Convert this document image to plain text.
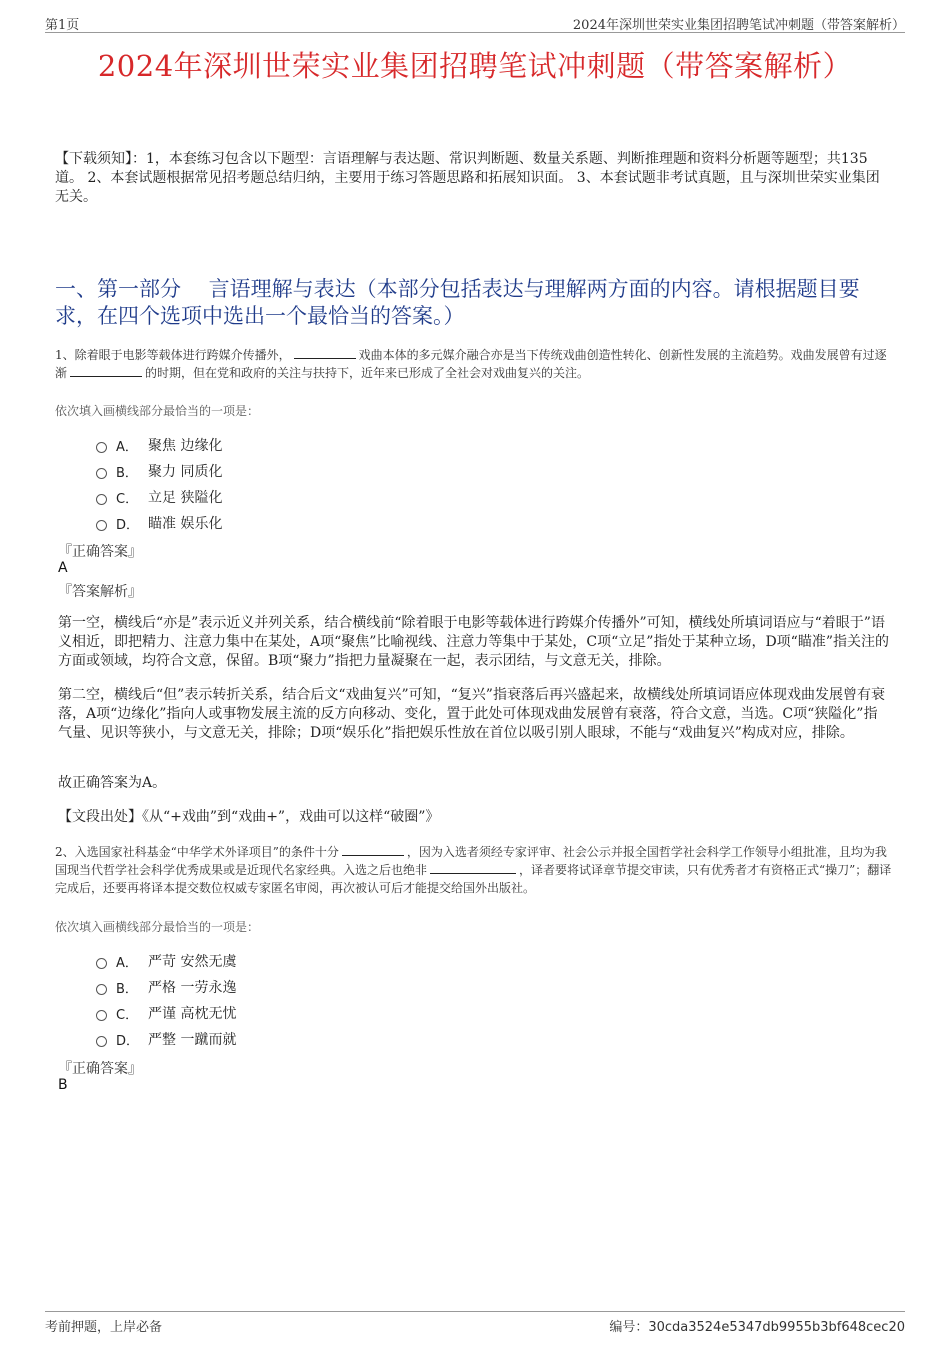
第1页	2024年深圳世荣实业集团招聘笔试冲刺题（带答案解析）
2024年深圳世荣实业集团招聘笔试冲刺题（带答案解析）
【下载须知】：1，本套练习包含以下题型：言语理解与表达题、常识判断题、数量关系题、判断推理题和资料分析题等题型；共135道。 2、本套试题根据常见招考题总结归纳，主要用于练习答题思路和拓展知识面。 3、本套试题非考试真题，且与深圳世荣实业集团无关。
一、第一部分　 言语理解与表达（本部分包括表达与理解两方面的内容。请根据题目要求，在四个选项中选出一个最恰当的答案。）
1、除着眼于电影等载体进行跨媒介传播外，	戏曲本体的多元媒介融合亦是当下传统戏曲创造性转化、创新性发展的主流趋势。戏曲发展曾有过逐渐	的时期，但在党和政府的关注与扶持下，近年来已形成了全社会对戏曲复兴的关注。
依次填入画横线部分最恰当的一项是：
A． 聚焦 边缘化
B． 聚力 同质化
C． 立足 狭隘化
D． 瞄准 娱乐化
『正确答案』
A
『答案解析』
第一空，横线后“亦是”表示近义并列关系，结合横线前“除着眼于电影等载体进行跨媒介传播外”可知，横线处所填词语应与“着眼于”语义相近，即把精力、注意力集中在某处，A项“聚焦”比喻视线、注意力等集中于某处，C项“立足”指处于某种立场，D项“瞄准”指关注的方面或领域，均符合文意，保留。B项“聚力”指把力量凝聚在一起，表示团结，与文意无关，排除。
第二空，横线后“但”表示转折关系，结合后文“戏曲复兴”可知，“复兴”指衰落后再兴盛起来，故横线处所填词语应体现戏曲发展曾有衰落，A项“边缘化”指向人或事物发展主流的反方向移动、变化，置于此处可体现戏曲发展曾有衰落，符合文意，当选。C项“狭隘化”指气量、见识等狭小，与文意无关，排除；D项“娱乐化”指把娱乐性放在首位以吸引别人眼球，不能与“戏曲复兴”构成对应，排除。
故正确答案为A。
【文段出处】《从“+戏曲”到“戏曲+”，戏曲可以这样“破圈”》
2、入选国家社科基金“中华学术外译项目”的条件十分	，因为入选者须经专家评审、社会公示并报全国哲学社会科学工作领导小组批准，且均为我国现当代哲学社会科学优秀成果或是近现代名家经典。入选之后也绝非	，译者要将试译章节提交审读，只有优秀者才有资格正式“操刀”；翻译完成后，还要再将译本提交数位权威专家匿名审阅，再次被认可后才能提交给国外出版社。
依次填入画横线部分最恰当的一项是：
A． 严苛 安然无虞
B． 严格 一劳永逸
C． 严谨 高枕无忧
D． 严整 一蹴而就
『正确答案』
B
考前押题，上岸必备	编号：30cda3524e5347db9955b3bf648cec20
